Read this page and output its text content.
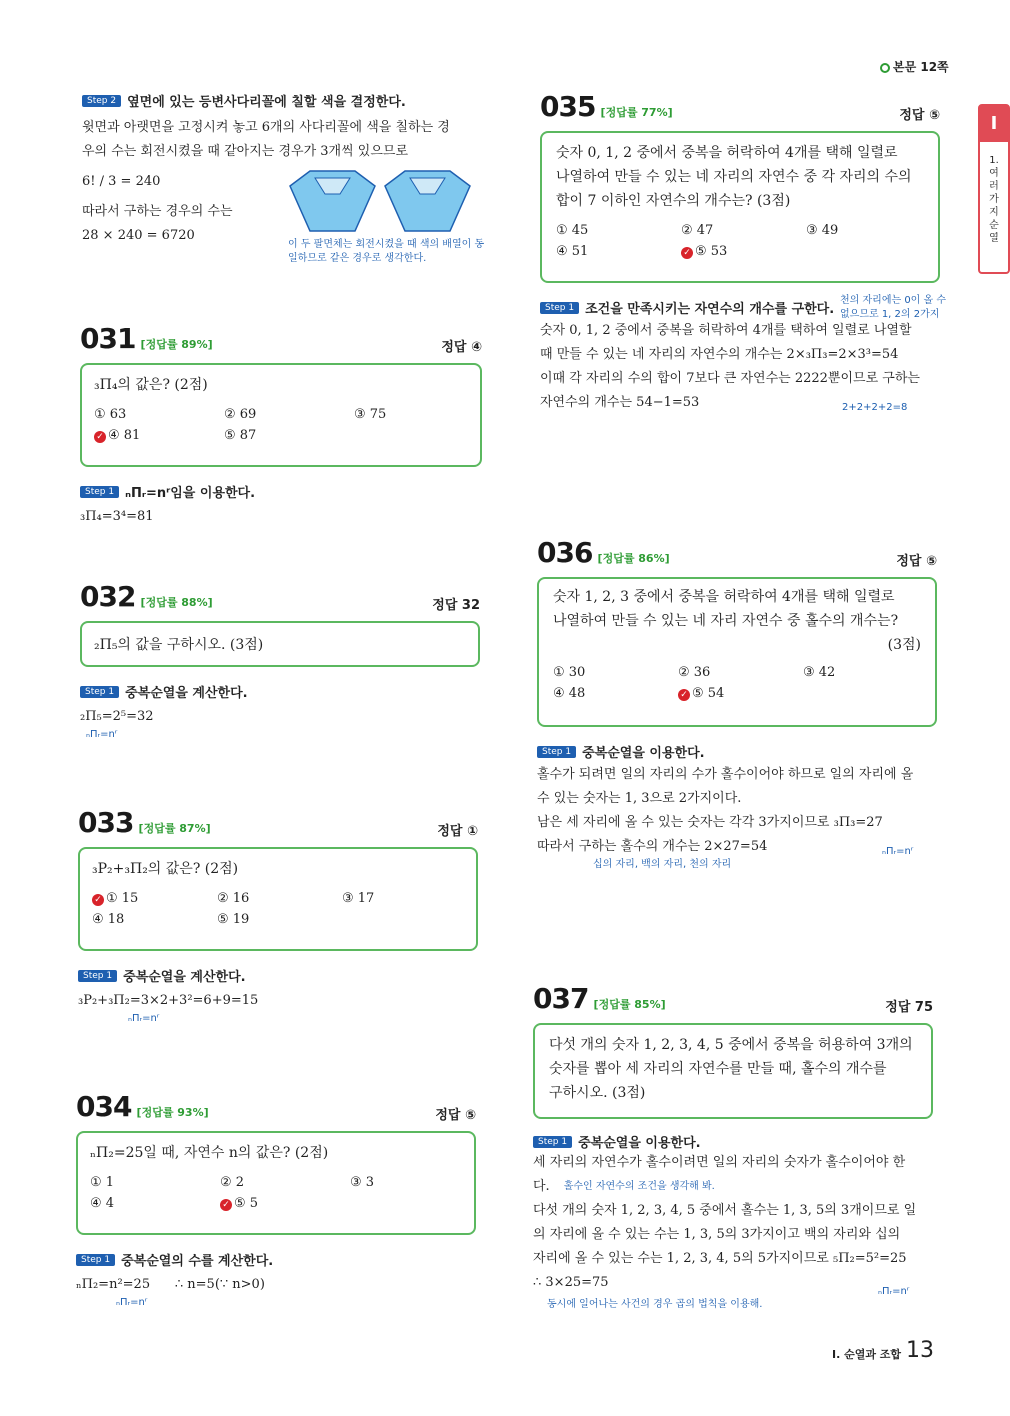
본문 12쪽
I
1.
여
러
가
지
순
열
Step 2 옆면에 있는 등변사다리꼴에 칠할 색을 결정한다.
윗면과 아랫면을 고정시켜 놓고 6개의 사다리꼴에 색을 칠하는 경
우의 수는 회전시켰을 때 같아지는 경우가 3개씩 있으므로
6! / 3 = 240
따라서 구하는 경우의 수는
28 × 240 = 6720
이 두 팔면체는 회전시켰을 때 색의 배열이 동일하므로 같은 경우로 생각한다.
031 [정답률 89%]	정답 ④
₃Π₄의 값은? (2점)
① 63	② 69	③ 75
✓ ④ 81	⑤ 87
Step 1 ₙΠᵣ=nʳ임을 이용한다.
₃Π₄=3⁴=81
032 [정답률 88%]	정답 32
₂Π₅의 값을 구하시오. (3점)
Step 1 중복순열을 계산한다.
₂Π₅=2⁵=32
ₙΠᵣ=nʳ
033 [정답률 87%]	정답 ①
₃P₂+₃Π₂의 값은? (2점)
✓ ① 15	② 16	③ 17
④ 18	⑤ 19
Step 1 중복순열을 계산한다.
₃P₂+₃Π₂=3×2+3²=6+9=15
ₙΠᵣ=nʳ
034 [정답률 93%]	정답 ⑤
ₙΠ₂=25일 때, 자연수 n의 값은? (2점)
① 1	② 2	③ 3
④ 4	✓ ⑤ 5
Step 1 중복순열의 수를 계산한다.
ₙΠ₂=n²=25      ∴ n=5(∵ n>0)
ₙΠᵣ=nʳ
035 [정답률 77%]	정답 ⑤
숫자 0, 1, 2 중에서 중복을 허락하여 4개를 택해 일렬로
나열하여 만들 수 있는 네 자리의 자연수 중 각 자리의 수의
합이 7 이하인 자연수의 개수는? (3점)
① 45	② 47	③ 49
④ 51	✓ ⑤ 53
Step 1 조건을 만족시키는 자연수의 개수를 구한다.
숫자 0, 1, 2 중에서 중복을 허락하여 4개를 택하여 일렬로 나열할
때 만들 수 있는 네 자리의 자연수의 개수는 2×₃Π₃=2×3³=54
이때 각 자리의 수의 합이 7보다 큰 자연수는 2222뿐이므로 구하는
자연수의 개수는 54−1=53
천의 자리에는 0이 올 수 없으므로 1, 2의 2가지
2+2+2+2=8
036 [정답률 86%]	정답 ⑤
숫자 1, 2, 3 중에서 중복을 허락하여 4개를 택해 일렬로
나열하여 만들 수 있는 네 자리 자연수 중 홀수의 개수는?
(3점)
① 30	② 36	③ 42
④ 48	✓ ⑤ 54
Step 1 중복순열을 이용한다.
홀수가 되려면 일의 자리의 수가 홀수이어야 하므로 일의 자리에 올
수 있는 숫자는 1, 3으로 2가지이다.
남은 세 자리에 올 수 있는 숫자는 각각 3가지이므로 ₃Π₃=27
따라서 구하는 홀수의 개수는 2×27=54
십의 자리, 백의 자리, 천의 자리
ₙΠᵣ=nʳ
037 [정답률 85%]	정답 75
다섯 개의 숫자 1, 2, 3, 4, 5 중에서 중복을 허용하여 3개의
숫자를 뽑아 세 자리의 자연수를 만들 때, 홀수의 개수를
구하시오. (3점)
Step 1 중복순열을 이용한다.
세 자리의 자연수가 홀수이려면 일의 자리의 숫자가 홀수이어야 한
다. 홀수인 자연수의 조건을 생각해 봐.
다섯 개의 숫자 1, 2, 3, 4, 5 중에서 홀수는 1, 3, 5의 3개이므로 일
의 자리에 올 수 있는 수는 1, 3, 5의 3가지이고 백의 자리와 십의
자리에 올 수 있는 수는 1, 2, 3, 4, 5의 5가지이므로 ₅Π₂=5²=25
∴ 3×25=75
동시에 일어나는 사건의 경우 곱의 법칙을 이용해.
ₙΠᵣ=nʳ
I. 순열과 조합 13
